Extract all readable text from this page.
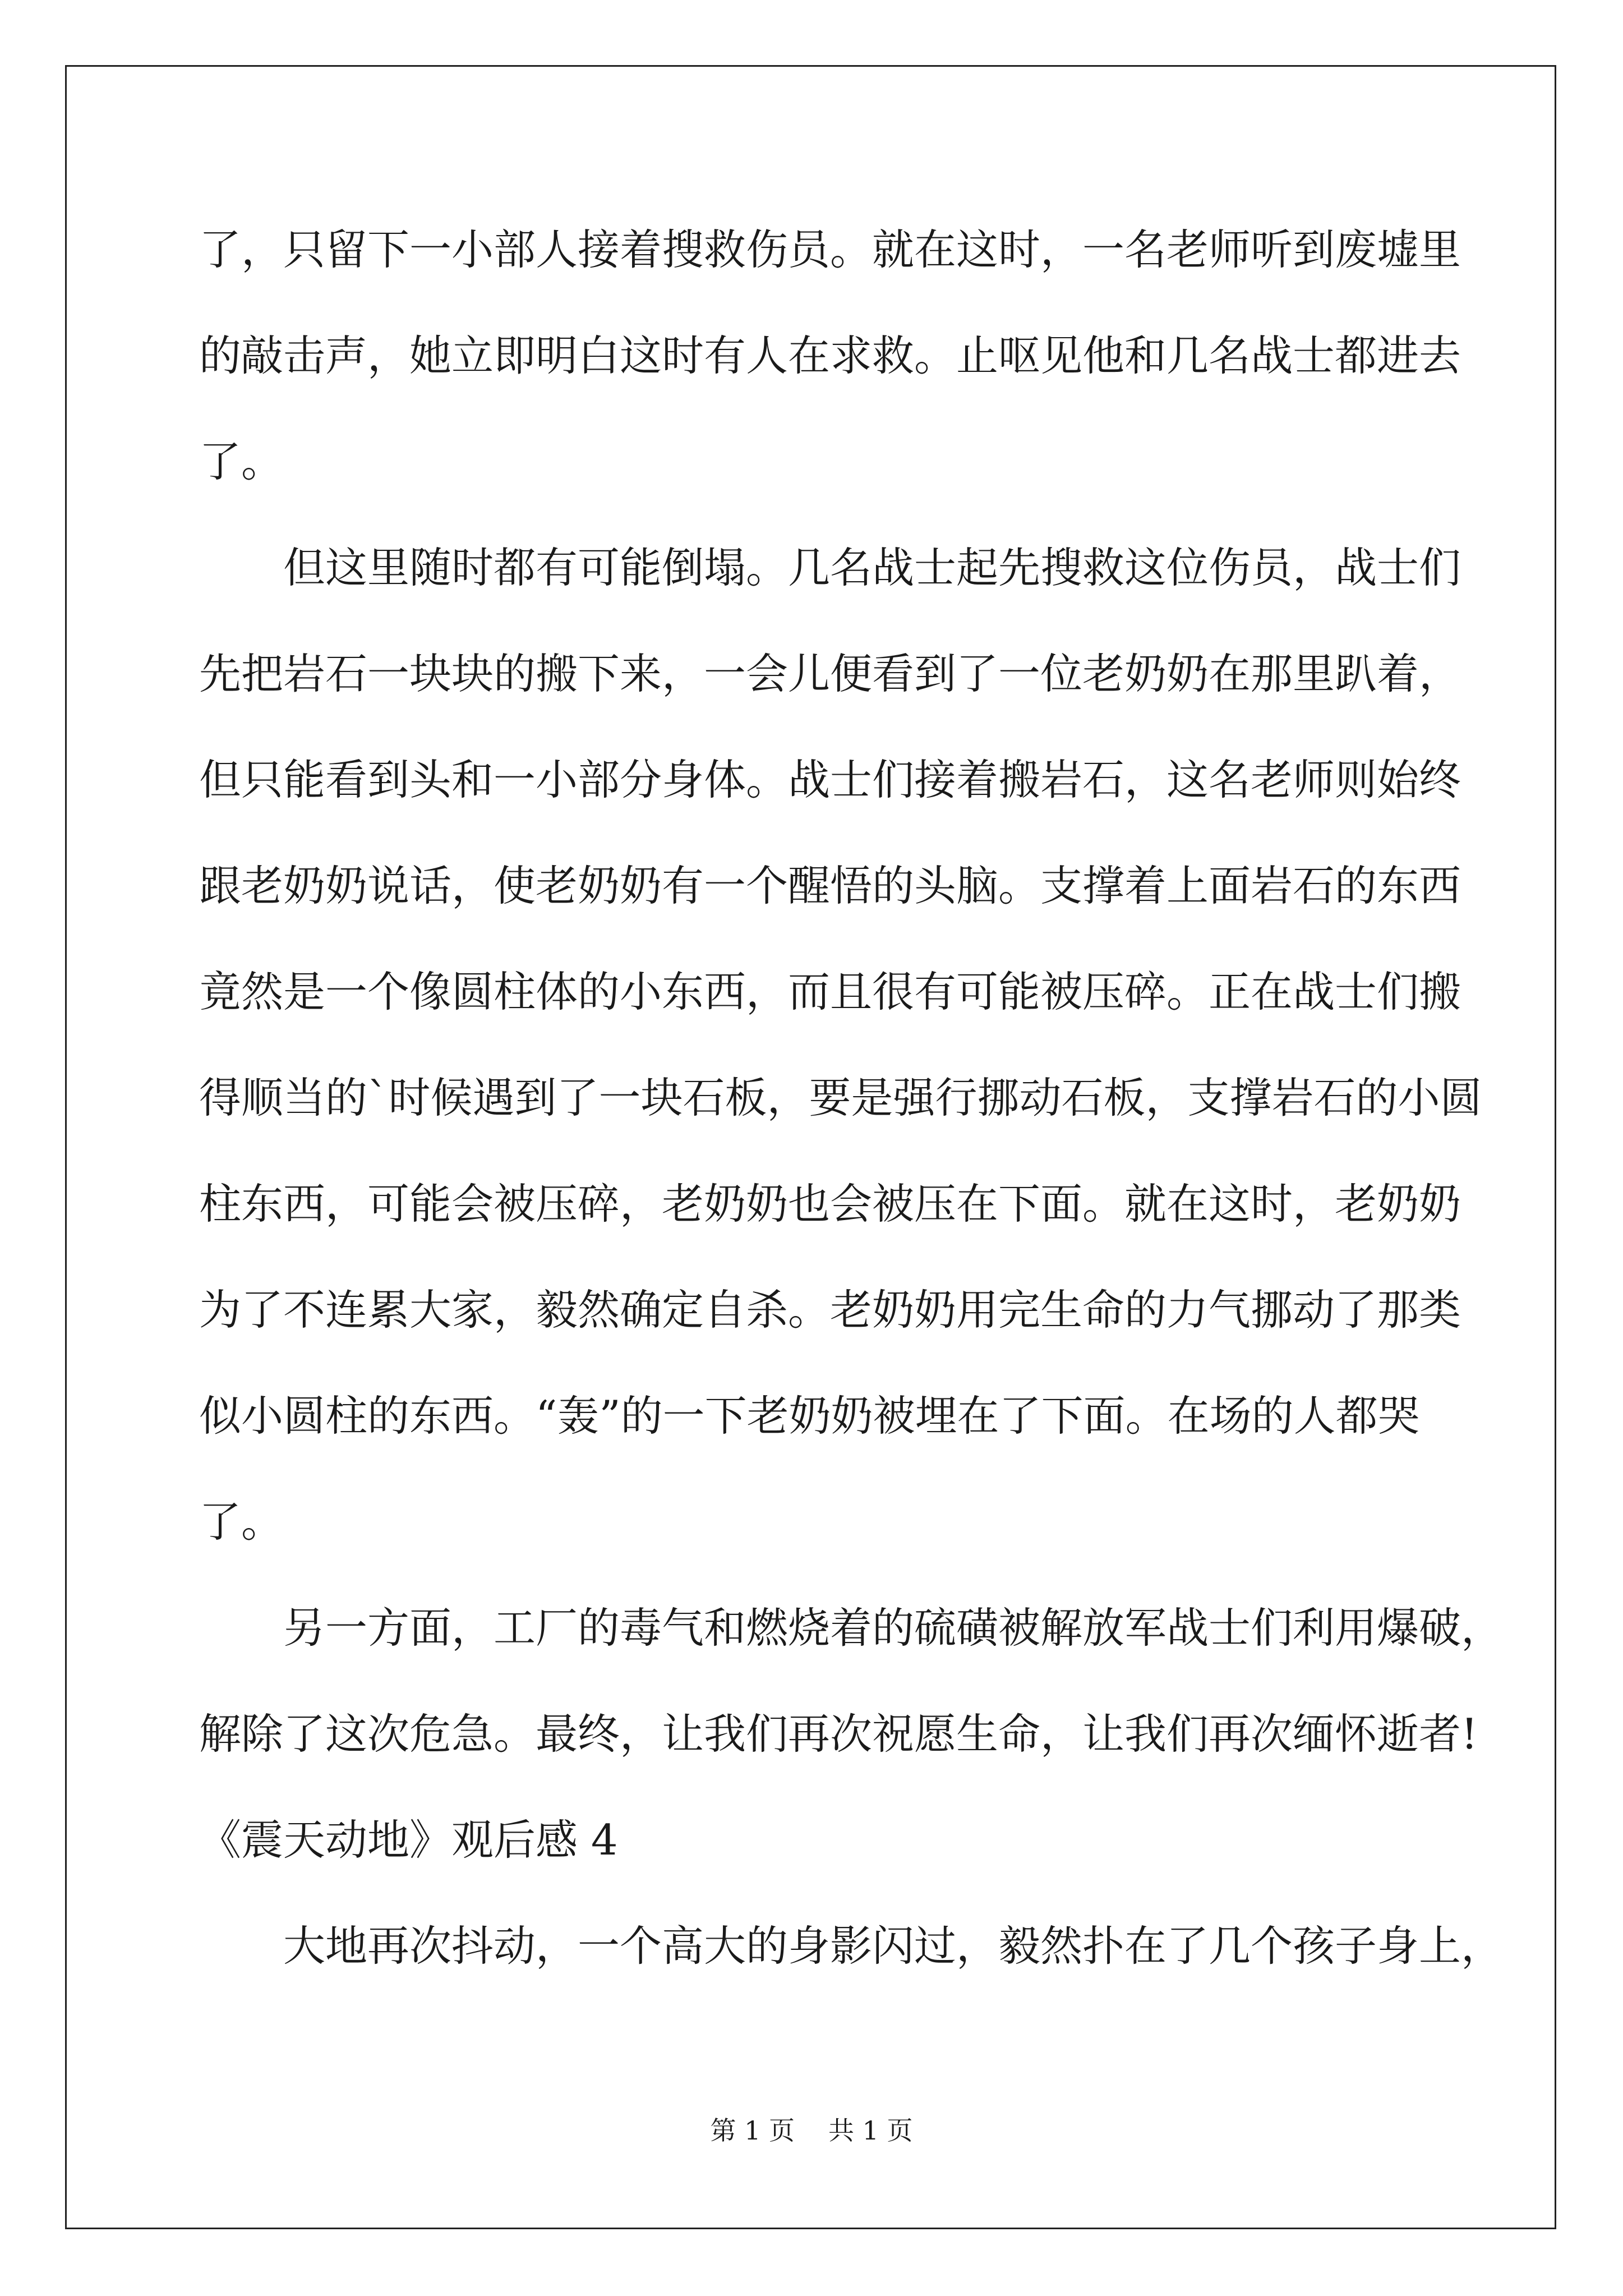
了，只留下一小部人接着搜救伤员。就在这时，一名老师听到废墟里
的敲击声，她立即明白这时有人在求救。止呕见他和几名战士都进去
了。
但这里随时都有可能倒塌。几名战士起先搜救这位伤员，战士们
先把岩石一块块的搬下来，一会儿便看到了一位老奶奶在那里趴着，
但只能看到头和一小部分身体。战士们接着搬岩石，这名老师则始终
跟老奶奶说话，使老奶奶有一个醒悟的头脑。支撑着上面岩石的东西
竟然是一个像圆柱体的小东西，而且很有可能被压碎。正在战士们搬
得顺当的`时候遇到了一块石板，要是强行挪动石板，支撑岩石的小圆
柱东西，可能会被压碎，老奶奶也会被压在下面。就在这时，老奶奶
为了不连累大家，毅然确定自杀。老奶奶用完生命的力气挪动了那类
似小圆柱的东西。“轰”的一下老奶奶被埋在了下面。在场的人都哭
了。
另一方面，工厂的毒气和燃烧着的硫磺被解放军战士们利用爆破，
解除了这次危急。最终，让我们再次祝愿生命，让我们再次缅怀逝者!
《震天动地》观后感 4
大地再次抖动，一个高大的身影闪过，毅然扑在了几个孩子身上，
第 1 页 共 1 页
